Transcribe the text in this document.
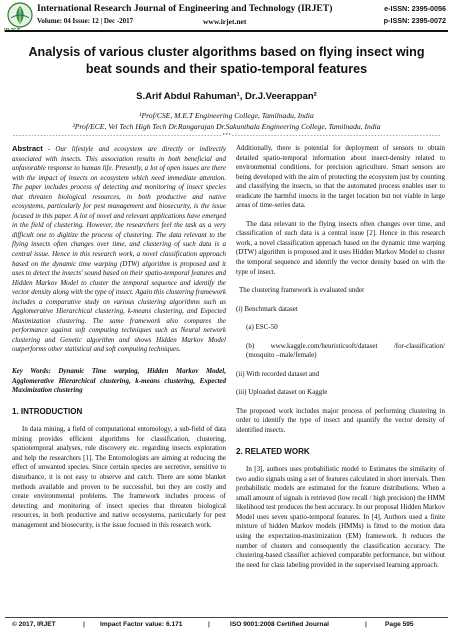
International Research Journal of Engineering and Technology (IRJET)
Volume: 04 Issue: 12 | Dec -2017	www.irjet.net
e-ISSN: 2395-0056
p-ISSN: 2395-0072
Analysis of various cluster algorithms based on flying insect wing beat sounds and their spatio-temporal features
S.Arif Abdul Rahuman¹, Dr.J.Veerappan²
¹Prof/CSE, M.E.T Engineering College, Tamilnadu, India
²Prof/ECE, Vel Tech High Tech Dr.Rangarajan Dr.Sakunthala Engineering College, Tamilnadu, India
---------------------------------------------------------------------***---------------------------------------------------------------------

Abstract - Our lifestyle and ecosystem are directly or indirectly associated with insects. This association results in both beneficial and unfavorable response to human life. Presently, a lot of open issues are there with the impact of insects on ecosystem which need immediate attention. The paper includes process of detecting and monitoring of insect species that threaten biological resources, in both productive and native ecosystems, particularly for pest management and biosecurity, is the issue focused in this paper. A lot of novel and relevant applications have emerged in the field of clustering. However, the researchers feel the task as a very difficult one to digitize the process of clustering. The data relevant to the flying insects often changes over time, and clustering of such data is a central issue. Hence in this research work, a novel classification approach based on the dynamic time warping (DTW) algorithm is proposed and it uses to detect the insects' sound based on their spatio-temporal features and Hidden Markov Model to cluster the temporal sequence and identify the vector density along with the type of insect. Again this clustering framework includes a comparative study on various clustering algorithms such as Agglomerative Hierarchical clustering, k-means clustering, and Expected Maximization clustering. The same framework also compares the performance against soft computing techniques such as Neural network clustering and Genetic algorithm and shows Hidden Markov Model outperforms other statistical and soft computing techniques.

Key Words: Dynamic Time warping, Hidden Markov Model, Agglomerative Hierarchical clustering, k-means clustering, Expected Maximization clustering

1. INTRODUCTION

In data mining, a field of computational entomology, a sub-field of data mining provides efficient algorithms for classification, clustering, spatiotemporal analyses, rule discovery etc. regarding insects exploration and help the researchers [1]. The Entomologists are aiming at reducing the effect of unwanted species. Since certain species are secretive, sensitive to disturbance, it is not easy to observe and catch. There are some blanket methods available and proven to be successful, but they are costly and create environmental problems. The framework includes process of detecting and monitoring of insect species that threaten biological resources, in both productive and native ecosystems, particularly for pest management and biosecurity, is the issue focused in this research work.

Additionally, there is potential for deployment of sensors to obtain detailed spatio-temporal information about insect-density related to environmental conditions, for precision agriculture. Smart sensors are being developed with the aim of protecting the ecosystem just by counting and classifying the insects, so that the automated process enables user to eradicate the harmful insects in the target location but not viable in large areas of time-series data.

The data relevant to the flying insects often changes over time, and classification of such data is a central issue [2]. Hence in this research work, a novel classification approach based on the dynamic time warping (DTW) algorithm is proposed and it uses Hidden Markov Model to cluster the temporal sequence and identify the vector density based on with the type of insect.

The clustering framework is evaluated under

(i) Benchmark dataset

(a) ESC-50

(b) www.kaggle.com/heuristicsoft/dataset /for-classification/ (mosquito –male/female)

(ii) With recorded dataset and

(iii) Uploaded dataset on Kaggle

The proposed work includes major process of performing clustering in order to identify the type of insect and quantify the vector density of identified insects.

2. RELATED WORK

In [3], authors uses probabilistic model to Estimates the similarity of two audio signals using a set of features calculated in short intervals. Then probabilistic models are estimated for the feature distributions. When a small amount of signals is retrieved (low recall / high precision) the HMM likelihood test produces the best accuracy. In our proposal Hidden Markov Model uses seven spatio-temporal features. In [4], Authors used a finite mixture of hidden Markov models (HMMs) is fitted to the motion data using the expectation-maximization (EM) framework. It reduces the number of clusters and consequently the classification accuracy. The clustering-based classifier achieved comparable performance, but without the need for class labeling provided in the supervised learning approach.

© 2017, IRJET	| Impact Factor value: 6.171	|	ISO 9001:2008 Certified Journal	|	Page 595
